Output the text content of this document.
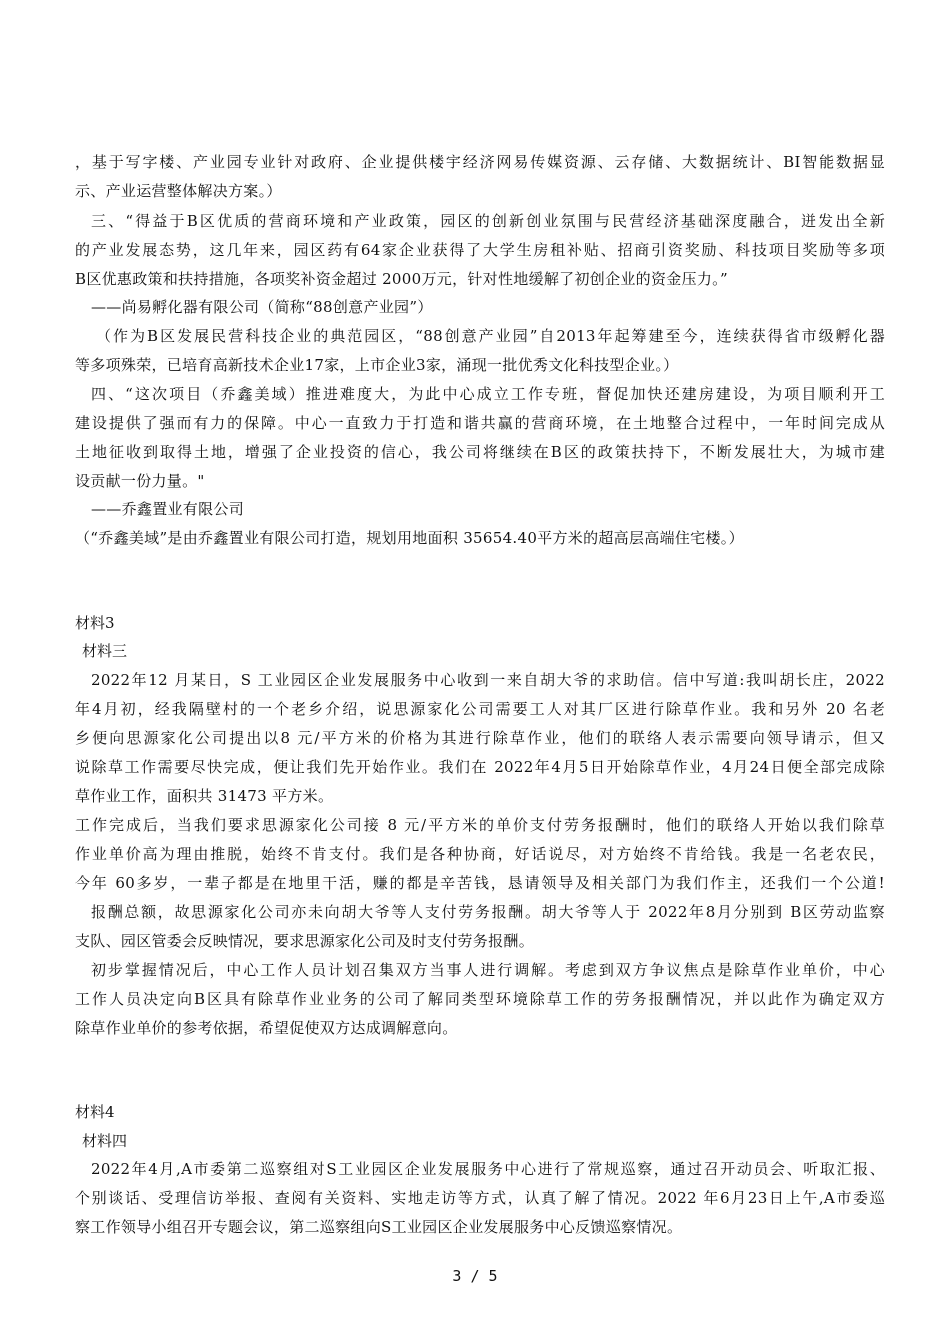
，基于写字楼、产业园专业针对政府、企业提供楼宇经济网易传媒资源、云存储、大数据统计、BI智能数据显
示、产业运营整体解决方案。）
三、“得益于B区优质的营商环境和产业政策，园区的创新创业氛围与民营经济基础深度融合，迸发出全新
的产业发展态势，这几年来，园区药有64家企业获得了大学生房租补贴、招商引资奖励、科技项目奖励等多项
B区优惠政策和扶持措施，各项奖补资金超过 2000万元，针对性地缓解了初创企业的资金压力。”
——尚易孵化器有限公司（简称“88创意产业园”）
（作为B区发展民营科技企业的典范园区，“88创意产业园”自2013年起筹建至今，连续获得省市级孵化器
等多项殊荣，已培育高新技术企业17家，上市企业3家，涌现一批优秀文化科技型企业。）
四、“这次项目（乔鑫美域）推进难度大，为此中心成立工作专班，督促加快还建房建设，为项目顺利开工
建设提供了强而有力的保障。中心一直致力于打造和谐共赢的营商环境，在土地整合过程中，一年时间完成从
土地征收到取得土地，增强了企业投资的信心，我公司将继续在B区的政策扶持下，不断发展壮大，为城市建
设贡献一份力量。"
——乔鑫置业有限公司
（“乔鑫美域”是由乔鑫置业有限公司打造，规划用地面积 35654.40平方米的超高层高端住宅楼。）
材料3
材料三
2022年12 月某日，S 工业园区企业发展服务中心收到一来自胡大爷的求助信。信中写道:我叫胡长庄，2022
年4月初，经我隔壁村的一个老乡介绍，说思源家化公司需要工人对其厂区进行除草作业。我和另外 20 名老
乡便向思源家化公司提出以8 元/平方米的价格为其进行除草作业，他们的联络人表示需要向领导请示，但又
说除草工作需要尽快完成，便让我们先开始作业。我们在 2022年4月5日开始除草作业，4月24日便全部完成除
草作业工作，面积共 31473 平方米。
工作完成后，当我们要求思源家化公司接 8 元/平方米的单价支付劳务报酬时，他们的联络人开始以我们除草
作业单价高为理由推脱，始终不肯支付。我们是各种协商，好话说尽，对方始终不肯给钱。我是一名老农民，
今年 60多岁，一辈子都是在地里干活，赚的都是辛苦钱，恳请领导及相关部门为我们作主，还我们一个公道!
报酬总额，故思源家化公司亦未向胡大爷等人支付劳务报酬。胡大爷等人于 2022年8月分别到 B区劳动监察
支队、园区管委会反映情况，要求思源家化公司及时支付劳务报酬。
初步掌握情况后，中心工作人员计划召集双方当事人进行调解。考虑到双方争议焦点是除草作业单价，中心
工作人员决定向B区具有除草作业业务的公司了解同类型环境除草工作的劳务报酬情况，并以此作为确定双方
除草作业单价的参考依据，希望促使双方达成调解意向。
材料4
材料四
2022年4月,A市委第二巡察组对S工业园区企业发展服务中心进行了常规巡察，通过召开动员会、听取汇报、
个别谈话、受理信访举报、查阅有关资料、实地走访等方式，认真了解了情况。2022 年6月23日上午,A市委巡
察工作领导小组召开专题会议，第二巡察组向S工业园区企业发展服务中心反馈巡察情况。
3 / 5
